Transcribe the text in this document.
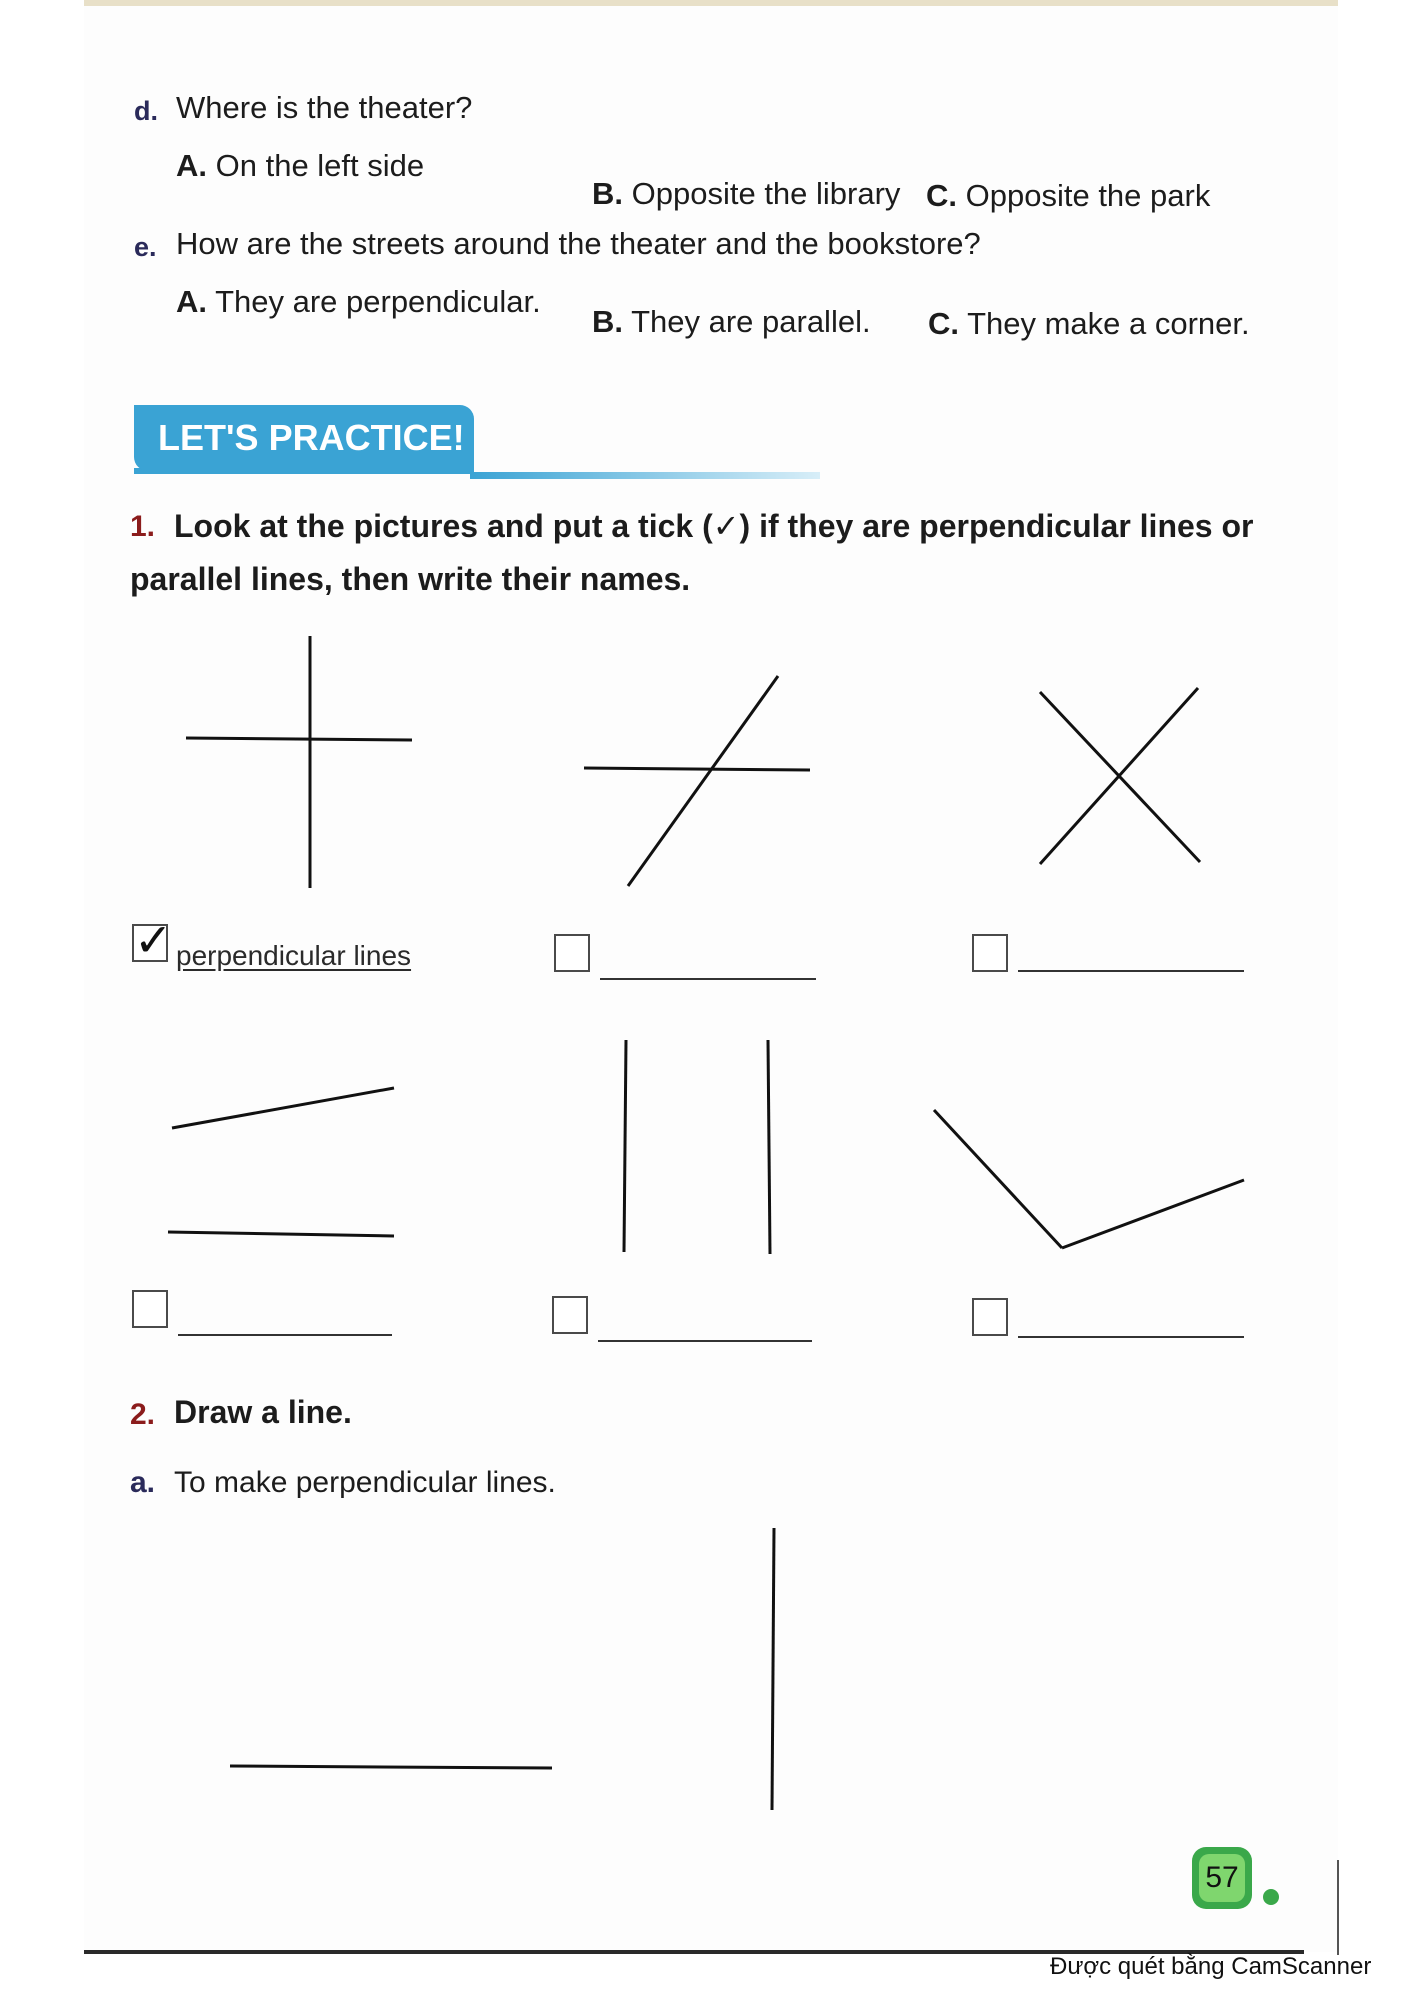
d. Where is the theater?
A. On the left side
B. Opposite the library C. Opposite the park
e. How are the streets around the theater and the bookstore?
A. They are perpendicular.
B. They are parallel. C. They make a corner.
LET'S PRACTICE!
1. Look at the pictures and put a tick (✓) if they are perpendicular lines or
parallel lines, then write their names.
✓ perpendicular lines
2. Draw a line.
a. To make perpendicular lines.
57
Được quét bằng CamScanner
